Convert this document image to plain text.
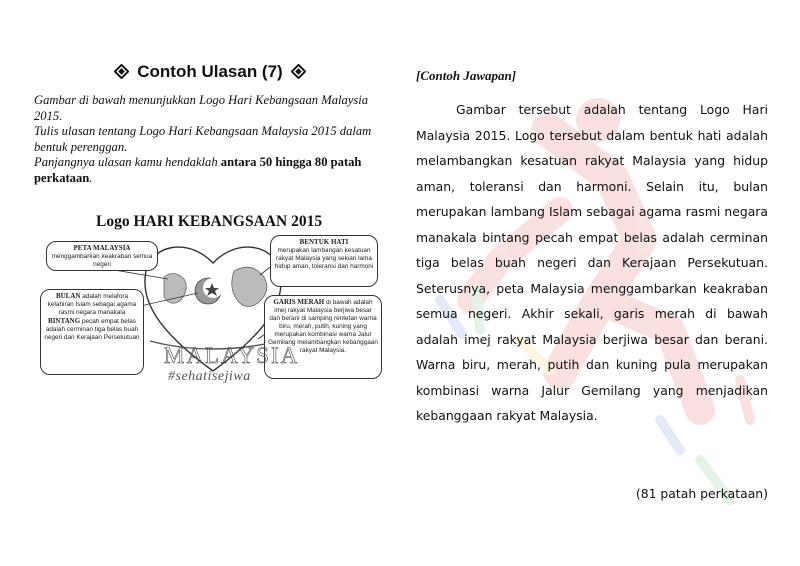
Contoh Ulasan (7)
Gambar di bawah menunjukkan Logo Hari Kebangsaan Malaysia 2015.
Tulis ulasan tentang Logo Hari Kebangsaan Malaysia 2015 dalam bentuk perenggan.
Panjangnya ulasan kamu hendaklah antara 50 hingga 80 patah perkataan.
Logo HARI KEBANGSAAN 2015
PETA MALAYSIA
menggambarkan keakraban semua negeri
BULAN adalah melafora kelahiran Islam sebagai agama rasmi negara manakala BINTANG pecah empat belas adalah cerminan tiga belas buah negeri dan Kerajaan Persekutuan
BENTUK HATI
merupakan lambangan kesatuan rakyat Malaysia yang sekian lama hidup aman, toleransi dan harmoni
GARIS MERAH di bawah adalah imej rakyat Malaysia berjiwa besar dan berani di samping rentetan warna biru, merah, putih, kuning yang merupakan kombinasi warna Jalur Gemilang melambangkan kebanggaan rakyat Malaysia.
MALAYSIA
#sehatisejiwa
[Contoh Jawapan]
Gambar tersebut adalah tentang Logo Hari Malaysia 2015. Logo tersebut dalam bentuk hati adalah melambangkan kesatuan rakyat Malaysia yang hidup aman, toleransi dan harmoni. Selain itu, bulan merupakan lambang Islam sebagai agama rasmi negara manakala bintang pecah empat belas adalah cerminan tiga belas buah negeri dan Kerajaan Persekutuan. Seterusnya, peta Malaysia menggambarkan keakraban semua negeri. Akhir sekali, garis merah di bawah adalah imej rakyat Malaysia berjiwa besar dan berani. Warna biru, merah, putih dan kuning pula merupakan kombinasi warna Jalur Gemilang yang menjadikan kebanggaan rakyat Malaysia.
(81 patah perkataan)
